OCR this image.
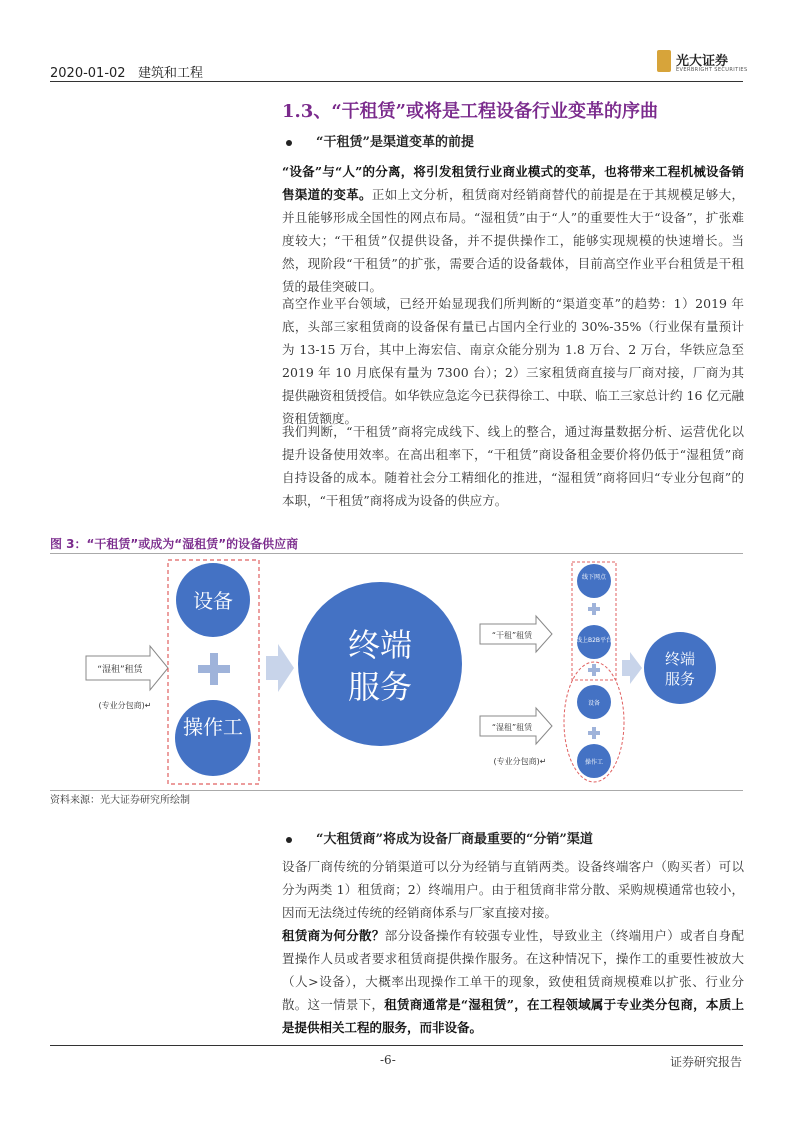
2020-01-02 建筑和工程
光大证券
EVERBRIGHT SECURITIES
1.3、“干租赁”或将是工程设备行业变革的序曲
“干租赁”是渠道变革的前提
“设备”与“人”的分离，将引发租赁行业商业模式的变革，也将带来工程机械设备销售渠道的变革。正如上文分析，租赁商对经销商替代的前提是在于其规模足够大，并且能够形成全国性的网点布局。“湿租赁”由于“人”的重要性大于“设备”，扩张难度较大；“干租赁”仅提供设备，并不提供操作工，能够实现规模的快速增长。当然，现阶段“干租赁”的扩张，需要合适的设备载体，目前高空作业平台租赁是干租赁的最佳突破口。
高空作业平台领域，已经开始显现我们所判断的“渠道变革”的趋势：1）2019 年底，头部三家租赁商的设备保有量已占国内全行业的 30%-35%（行业保有量预计为 13-15 万台，其中上海宏信、南京众能分别为 1.8 万台、2 万台，华铁应急至 2019 年 10 月底保有量为 7300 台）；2）三家租赁商直接与厂商对接，厂商为其提供融资租赁授信。如华铁应急迄今已获得徐工、中联、临工三家总计约 16 亿元融资租赁额度。
我们判断，“干租赁”商将完成线下、线上的整合，通过海量数据分析、运营优化以提升设备使用效率。在高出租率下，“干租赁”商设备租金要价将仍低于“湿租赁”商自持设备的成本。随着社会分工精细化的推进，“湿租赁”商将回归“专业分包商”的本职，“干租赁”商将成为设备的供应方。
图 3：“干租赁”或成为“湿租赁”的设备供应商
“湿租”租赁
(专业分包商)↵
设备
操作工
终端
服务
“干租”租赁
“湿租”租赁
(专业分包商)↵
线下网点
线上B2B平台
设备
操作工
终端
服务
资料来源：光大证券研究所绘制
“大租赁商”将成为设备厂商最重要的“分销”渠道
设备厂商传统的分销渠道可以分为经销与直销两类。设备终端客户（购买者）可以分为两类 1）租赁商；2）终端用户。由于租赁商非常分散、采购规模通常也较小，因而无法绕过传统的经销商体系与厂家直接对接。
租赁商为何分散？部分设备操作有较强专业性，导致业主（终端用户）或者自身配置操作人员或者要求租赁商提供操作服务。在这种情况下，操作工的重要性被放大（人>设备），大概率出现操作工单干的现象，致使租赁商规模难以扩张、行业分散。这一情景下，租赁商通常是“湿租赁”，在工程领域属于专业类分包商，本质上是提供相关工程的服务，而非设备。
-6-	证券研究报告
